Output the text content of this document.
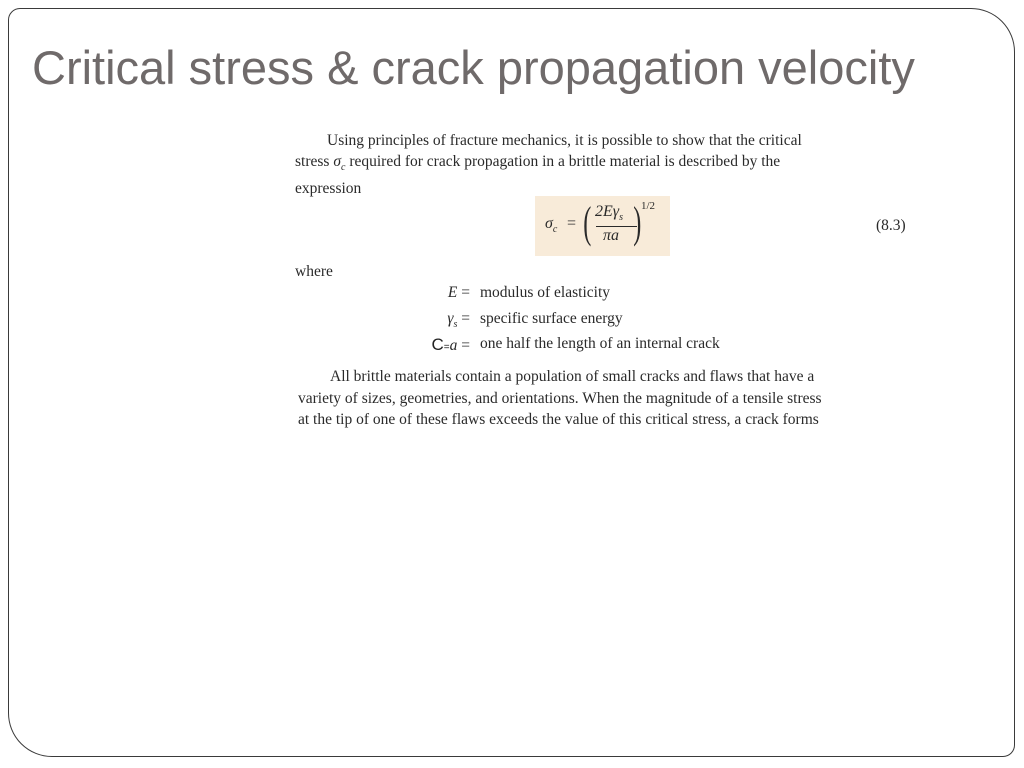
Critical stress & crack propagation velocity
Using principles of fracture mechanics, it is possible to show that the critical
stress $\sigma_c$ required for crack propagation in a brittle material is described by the
expression
$\sigma_c$ = ( $2E\gamma_s$
πa ) 1/2
(8.3)
where
E = modulus of elasticity
$\gamma_s$ = specific surface energy
C=a = one half the length of an internal crack
All brittle materials contain a population of small cracks and flaws that have a
variety of sizes, geometries, and orientations. When the magnitude of a tensile stress
at the tip of one of these flaws exceeds the value of this critical stress, a crack forms
